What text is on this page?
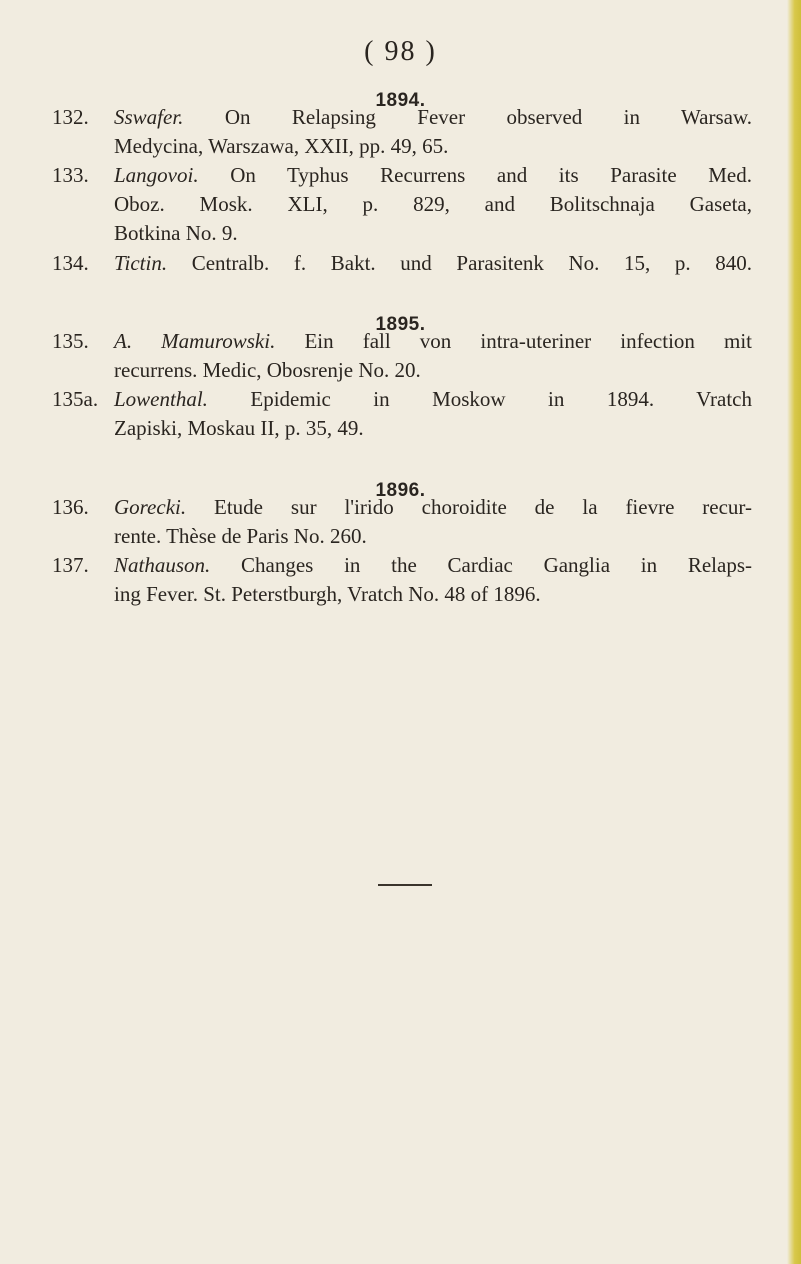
( 98 )
1894.
132.	Sswafer. On Relapsing Fever observed in Warsaw.
Medycina, Warszawa, XXII, pp. 49, 65.
133.	Langovoi. On Typhus Recurrens and its Parasite Med.
Oboz. Mosk. XLI, p. 829, and Bolitschnaja Gaseta,
Botkina No. 9.
134.	Tictin. Centralb. f. Bakt. und Parasitenk No. 15, p. 840.
1895.
135.	A. Mamurowski. Ein fall von intra-uteriner infection mit
recurrens. Medic, Obosrenje No. 20.
135a. Lowenthal. Epidemic in Moskow in 1894. Vratch
Zapiski, Moskau II, p. 35, 49.
1896.
136.	Gorecki. Etude sur l'irido choroidite de la fievre recur-
rente. Thèse de Paris No. 260.
137.	Nathauson. Changes in the Cardiac Ganglia in Relaps-
ing Fever. St. Peterstburgh, Vratch No. 48 of 1896.
